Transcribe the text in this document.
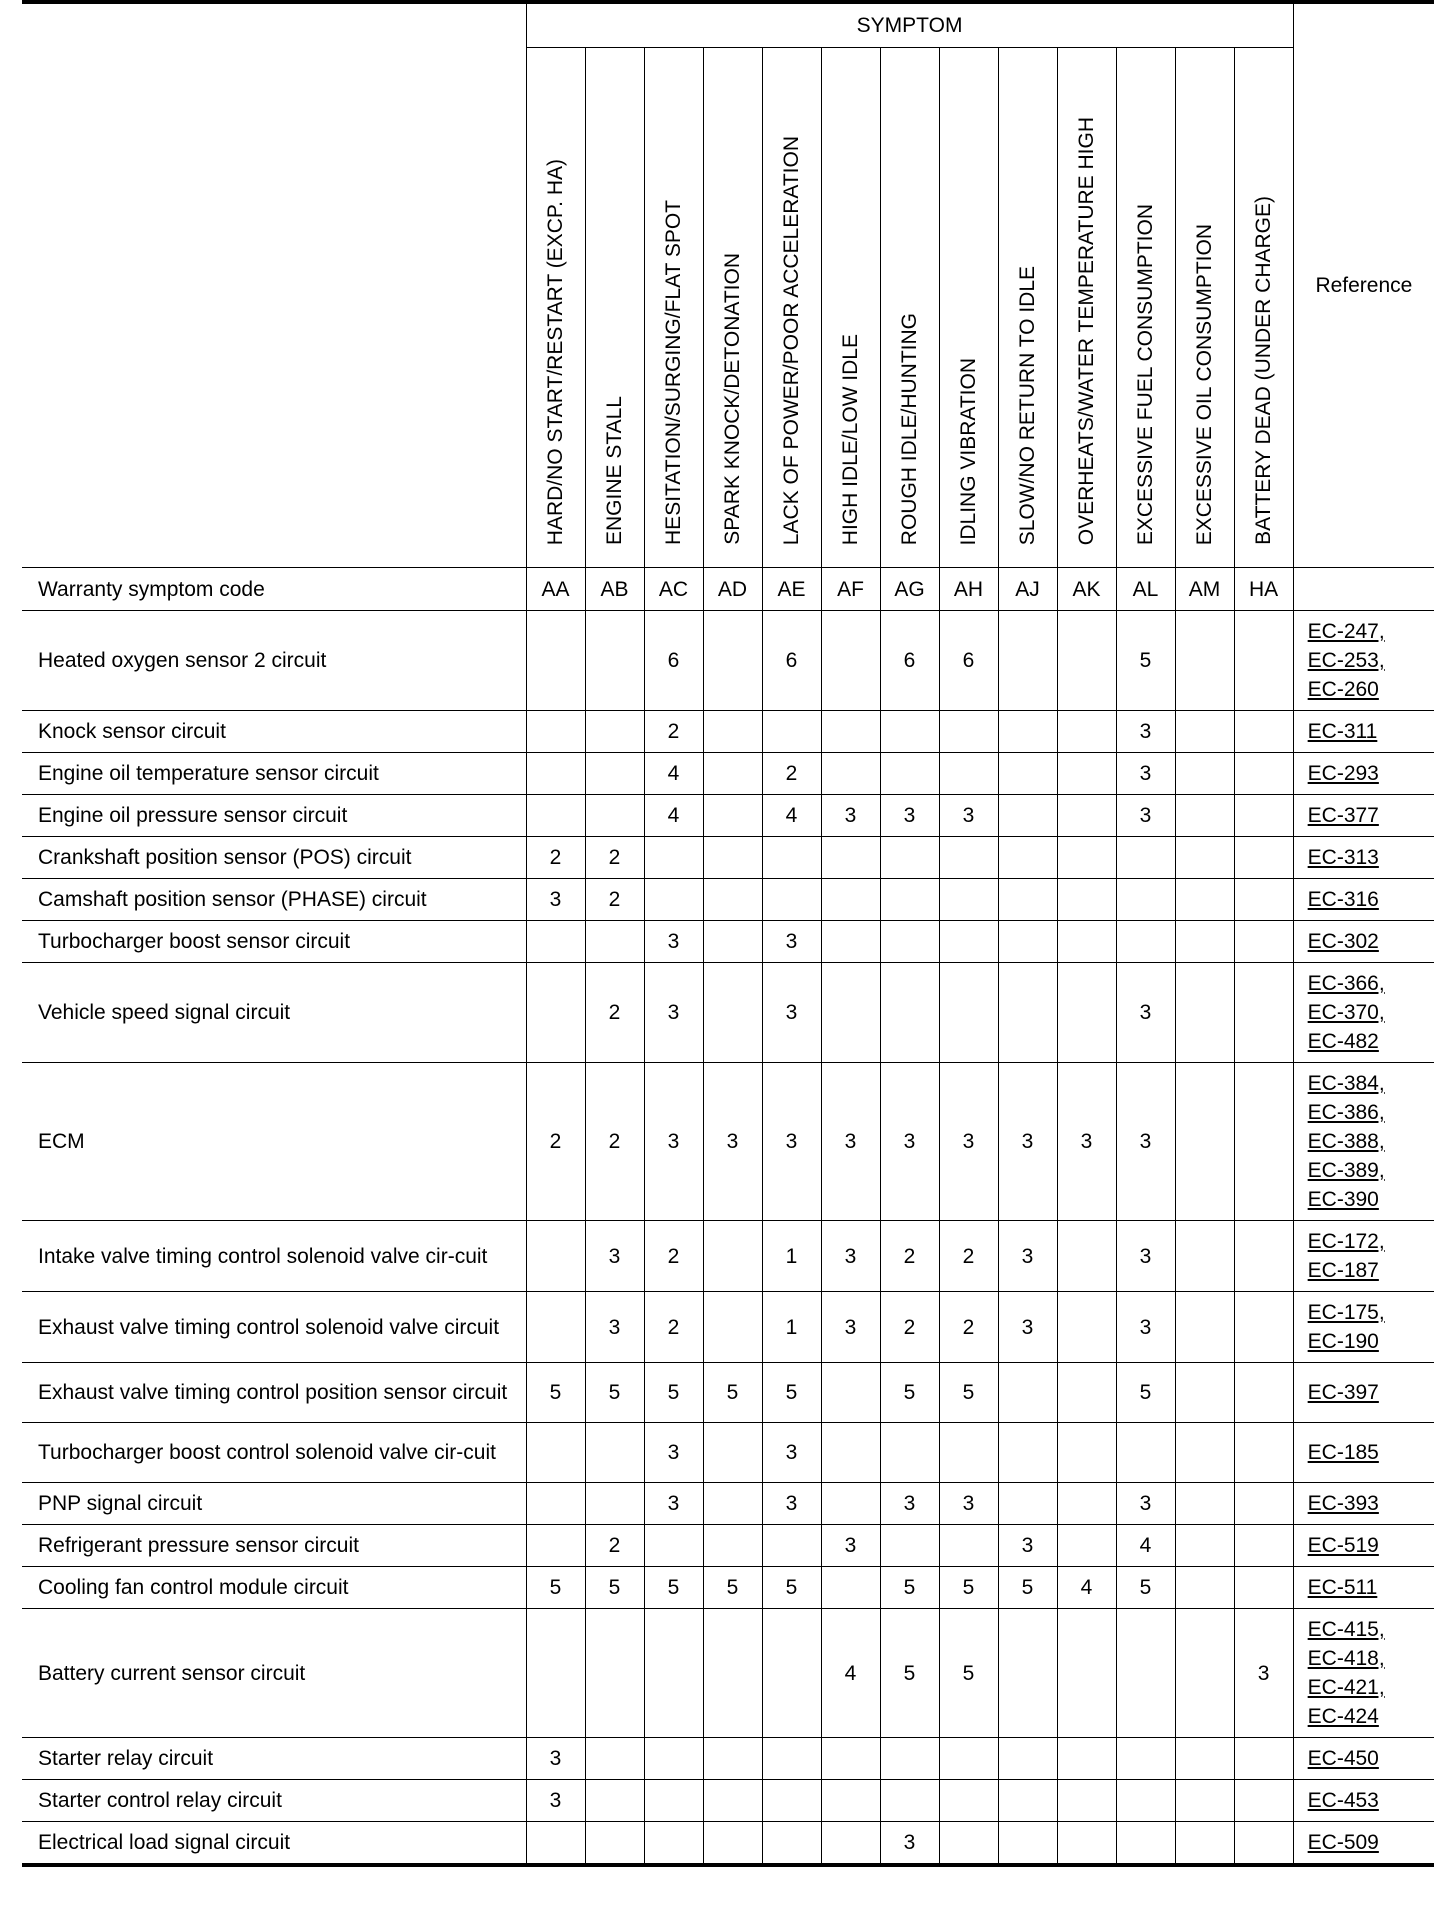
	SYMPTOM													Reference
	HARD/NO START/RESTART (EXCP. HA)	ENGINE STALL	HESITATION/SURGING/FLAT SPOT	SPARK KNOCK/DETONATION	LACK OF POWER/POOR ACCELERATION	HIGH IDLE/LOW IDLE	ROUGH IDLE/HUNTING	IDLING VIBRATION	SLOW/NO RETURN TO IDLE	OVERHEATS/WATER TEMPERATURE HIGH	EXCESSIVE FUEL CONSUMPTION	EXCESSIVE OIL CONSUMPTION	BATTERY DEAD (UNDER CHARGE)	
Warranty symptom code	AA	AB	AC	AD	AE	AF	AG	AH	AJ	AK	AL	AM	HA	
Heated oxygen sensor 2 circuit			6		6		6	6			5			EC-247,
EC-253,
EC-260

Knock sensor circuit			2								3			EC-311

Engine oil temperature sensor circuit			4		2						3			EC-293

Engine oil pressure sensor circuit			4		4	3	3	3			3			EC-377

Crankshaft position sensor (POS) circuit	2	2												EC-313

Camshaft position sensor (PHASE) circuit	3	2												EC-316

Turbocharger boost sensor circuit			3		3									EC-302

Vehicle speed signal circuit		2	3		3						3			EC-366,
EC-370,
EC-482

ECM	2	2	3	3	3	3	3	3	3	3	3			EC-384,
EC-386,
EC-388,
EC-389,
EC-390

Intake valve timing control solenoid valve cir-cuit		3	2		1	3	2	2	3		3			EC-172,
EC-187

Exhaust valve timing control solenoid valve circuit		3	2		1	3	2	2	3		3			EC-175,
EC-190

Exhaust valve timing control position sensor circuit	5	5	5	5	5		5	5			5			EC-397

Turbocharger boost control solenoid valve cir-cuit			3		3									EC-185

PNP signal circuit			3		3		3	3			3			EC-393

Refrigerant pressure sensor circuit		2				3			3		4			EC-519

Cooling fan control module circuit	5	5	5	5	5		5	5	5	4	5			EC-511

Battery current sensor circuit						4	5	5					3	EC-415,
EC-418,
EC-421,
EC-424

Starter relay circuit	3													EC-450

Starter control relay circuit	3													EC-453

Electrical load signal circuit							3							EC-509
